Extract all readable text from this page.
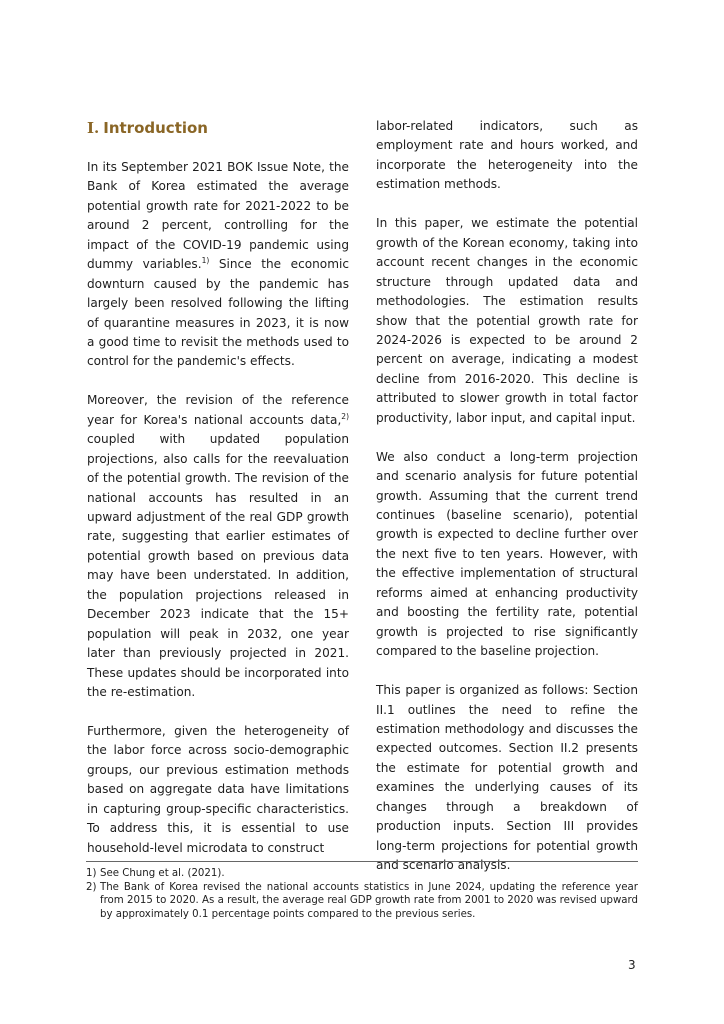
Ⅰ. Introduction

In its September 2021 BOK Issue Note, the Bank of Korea estimated the average potential growth rate for 2021-2022 to be around 2 percent, controlling for the impact of the COVID-19 pandemic using dummy variables.$^{1)}$ Since the economic downturn caused by the pandemic has largely been resolved following the lifting of quarantine measures in 2023, it is now a good time to revisit the methods used to control for the pandemic's effects.

Moreover, the revision of the reference year for Korea's national accounts data,$^{2)}$ coupled with updated population projections, also calls for the reevaluation of the potential growth. The revision of the national accounts has resulted in an upward adjustment of the real GDP growth rate, suggesting that earlier estimates of potential growth based on previous data may have been understated. In addition, the population projections released in December 2023 indicate that the 15+ population will peak in 2032, one year later than previously projected in 2021. These updates should be incorporated into the re-estimation.

Furthermore, given the heterogeneity of the labor force across socio-demographic groups, our previous estimation methods based on aggregate data have limitations in capturing group-specific characteristics. To address this, it is essential to use household-level microdata to construct

labor-related indicators, such as employment rate and hours worked, and incorporate the heterogeneity into the estimation methods.

In this paper, we estimate the potential growth of the Korean economy, taking into account recent changes in the economic structure through updated data and methodologies. The estimation results show that the potential growth rate for 2024-2026 is expected to be around 2 percent on average, indicating a modest decline from 2016-2020. This decline is attributed to slower growth in total factor productivity, labor input, and capital input.

We also conduct a long-term projection and scenario analysis for future potential growth. Assuming that the current trend continues (baseline scenario), potential growth is expected to decline further over the next five to ten years. However, with the effective implementation of structural reforms aimed at enhancing productivity and boosting the fertility rate, potential growth is projected to rise significantly compared to the baseline projection.

This paper is organized as follows: Section II.1 outlines the need to refine the estimation methodology and discusses the expected outcomes. Section II.2 presents the estimate for potential growth and examines the underlying causes of its changes through a breakdown of production inputs. Section III provides long-term projections for potential growth and scenario analysis.

1) See Chung et al. (2021).
2) The Bank of Korea revised the national accounts statistics in June 2024, updating the reference year from 2015 to 2020. As a result, the average real GDP growth rate from 2001 to 2020 was revised upward by approximately 0.1 percentage points compared to the previous series.
3
